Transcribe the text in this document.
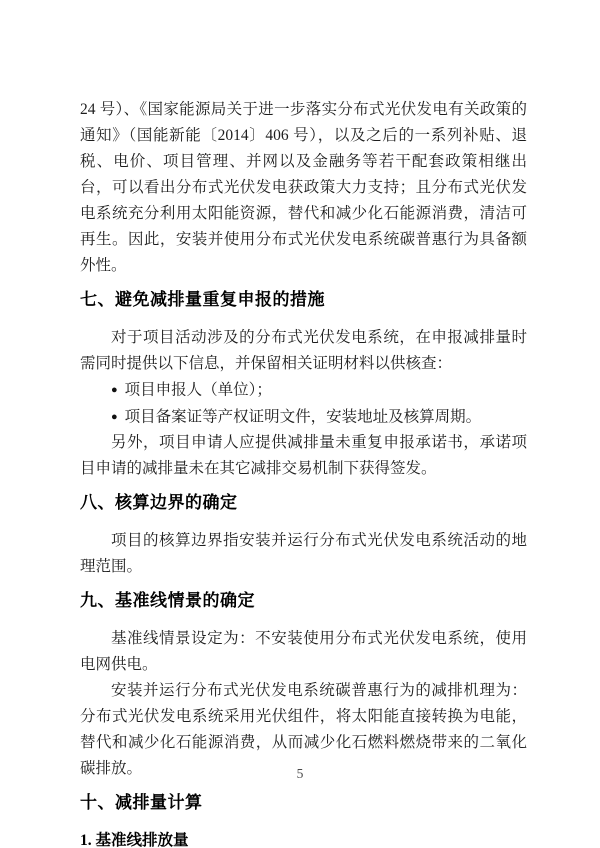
24 号）、《国家能源局关于进一步落实分布式光伏发电有关政策的通知》（国能新能〔2014〕406 号），以及之后的一系列补贴、退税、电价、项目管理、并网以及金融务等若干配套政策相继出台，可以看出分布式光伏发电获政策大力支持；且分布式光伏发电系统充分利用太阳能资源，替代和减少化石能源消费，清洁可再生。因此，安装并使用分布式光伏发电系统碳普惠行为具备额外性。

七、避免减排量重复申报的措施

对于项目活动涉及的分布式光伏发电系统，在申报减排量时需同时提供以下信息，并保留相关证明材料以供核查：

● 项目申报人（单位）；
● 项目备案证等产权证明文件，安装地址及核算周期。

另外，项目申请人应提供减排量未重复申报承诺书，承诺项目申请的减排量未在其它减排交易机制下获得签发。

八、核算边界的确定

项目的核算边界指安装并运行分布式光伏发电系统活动的地理范围。

九、基准线情景的确定

基准线情景设定为：不安装使用分布式光伏发电系统，使用电网供电。

安装并运行分布式光伏发电系统碳普惠行为的减排机理为：分布式光伏发电系统采用光伏组件，将太阳能直接转换为电能，替代和减少化石能源消费，从而减少化石燃料燃烧带来的二氧化碳排放。

十、减排量计算
1. 基准线排放量
5
